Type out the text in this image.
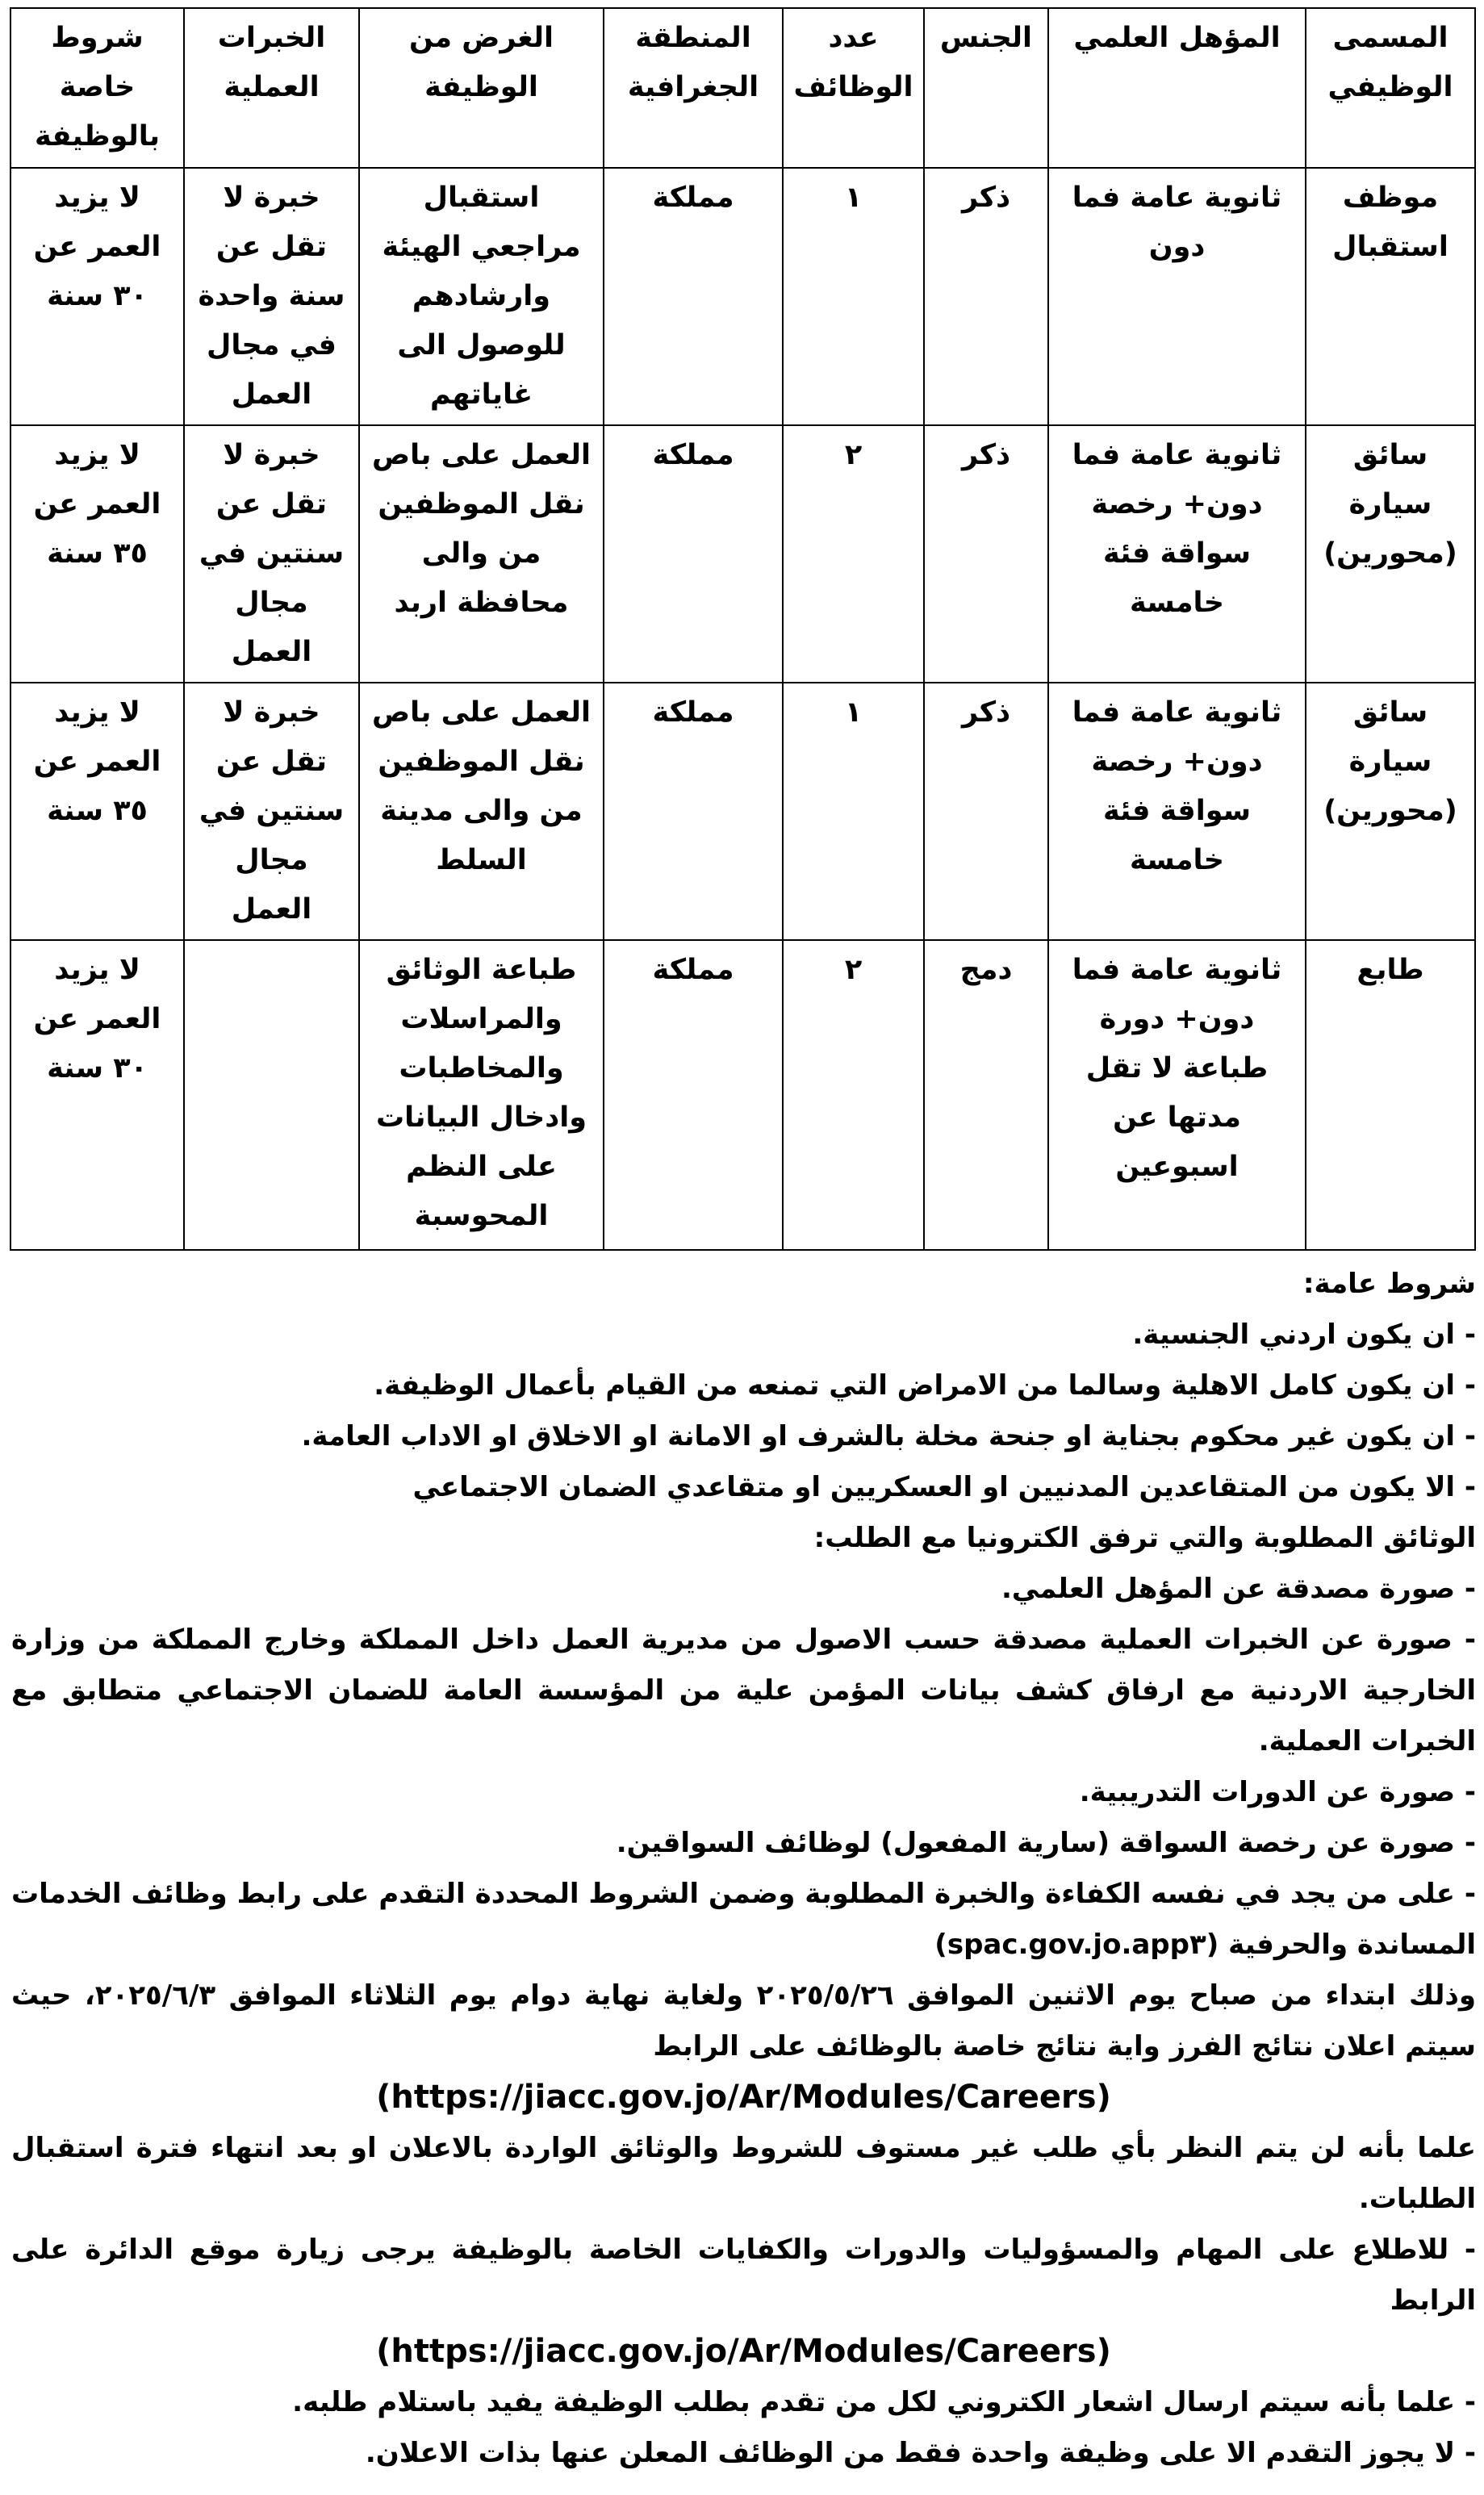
المسمى الوظيفي	المؤهل العلمي	الجنس	عدد الوظائف	المنطقة الجغرافية	الغرض من الوظيفة	الخبرات العملية	شروط خاصة بالوظيفة
موظف استقبال	ثانوية عامة فما دون	ذكر	١	مملكة	استقبال مراجعي الهيئة وارشادهم للوصول الى غاياتهم	خبرة لا تقل عن سنة واحدة في مجال العمل	لا يزيد العمر عن ٣٠ سنة
سائق سيارة (محورين)	ثانوية عامة فما دون+ رخصة سواقة فئة خامسة	ذكر	٢	مملكة	العمل على باص نقل الموظفين من والى محافظة اربد	خبرة لا تقل عن سنتين في مجال العمل	لا يزيد العمر عن ٣٥ سنة
سائق سيارة (محورين)	ثانوية عامة فما دون+ رخصة سواقة فئة خامسة	ذكر	١	مملكة	العمل على باص نقل الموظفين من والى مدينة السلط	خبرة لا تقل عن سنتين في مجال العمل	لا يزيد العمر عن ٣٥ سنة
طابع	ثانوية عامة فما دون+ دورة طباعة لا تقل مدتها عن اسبوعين	دمج	٢	مملكة	طباعة الوثائق والمراسلات والمخاطبات وادخال البيانات على النظم المحوسبة		لا يزيد العمر عن ٣٠ سنة

شروط عامة:

- ان يكون اردني الجنسية.

- ان يكون كامل الاهلية وسالما من الامراض التي تمنعه من القيام بأعمال الوظيفة.

- ان يكون غير محكوم بجناية او جنحة مخلة بالشرف او الامانة او الاخلاق او الاداب العامة.

- الا يكون من المتقاعدين المدنيين او العسكريين او متقاعدي الضمان الاجتماعي

الوثائق المطلوبة والتي ترفق الكترونيا مع الطلب:

- صورة مصدقة عن المؤهل العلمي.

- صورة عن الخبرات العملية مصدقة حسب الاصول من مديرية العمل داخل المملكة وخارج المملكة من وزارة الخارجية الاردنية مع ارفاق كشف بيانات المؤمن علية من المؤسسة العامة للضمان الاجتماعي متطابق مع الخبرات العملية.

- صورة عن الدورات التدريبية.

- صورة عن رخصة السواقة (سارية المفعول) لوظائف السواقين.

- على من يجد في نفسه الكفاءة والخبرة المطلوبة وضمن الشروط المحددة التقدم على رابط وظائف الخدمات المساندة والحرفية (spac.gov.jo.app٣)

وذلك ابتداء من صباح يوم الاثنين الموافق ٢٠٢٥/٥/٢٦ ولغاية نهاية دوام يوم الثلاثاء الموافق ٢٠٢٥/٦/٣، حيث سيتم اعلان نتائج الفرز واية نتائج خاصة بالوظائف على الرابط

(https://jiacc.gov.jo/Ar/Modules/Careers)

علما بأنه لن يتم النظر بأي طلب غير مستوف للشروط والوثائق الواردة بالاعلان او بعد انتهاء فترة استقبال الطلبات.

- للاطلاع على المهام والمسؤوليات والدورات والكفايات الخاصة بالوظيفة يرجى زيارة موقع الدائرة على الرابط

(https://jiacc.gov.jo/Ar/Modules/Careers)

- علما بأنه سيتم ارسال اشعار الكتروني لكل من تقدم بطلب الوظيفة يفيد باستلام طلبه.

- لا يجوز التقدم الا على وظيفة واحدة فقط من الوظائف المعلن عنها بذات الاعلان.
